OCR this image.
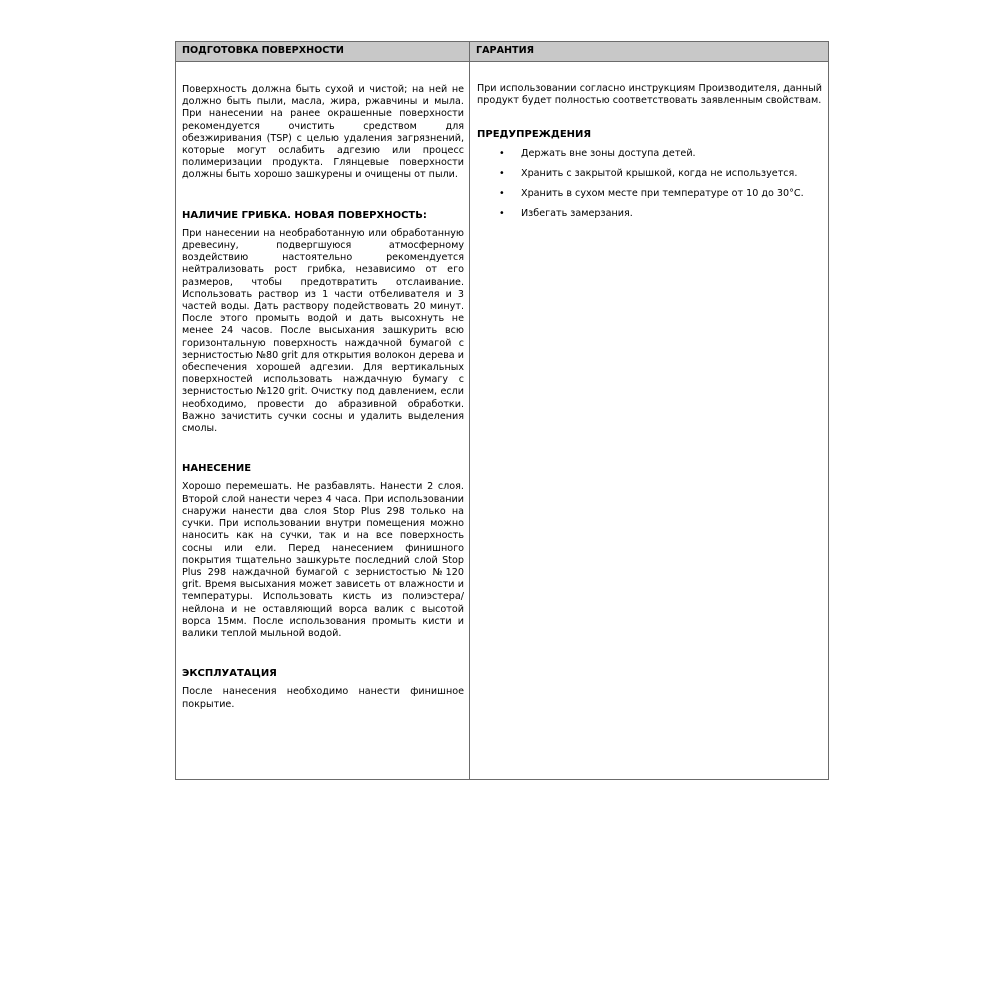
ПОДГОТОВКА ПОВЕРХНОСТИ	ГАРАНТИЯ

Поверхность должна быть сухой и чистой; на ней не должно быть пыли, масла, жира, ржавчины и мыла. При нанесении на ранее окрашенные поверхности рекомендуется очистить средством для обезжиривания (TSP) с целью удаления загрязнений, которые могут ослабить адгезию или процесс полимеризации продукта. Глянцевые поверхности должны быть хорошо зашкурены и очищены от пыли.

НАЛИЧИЕ ГРИБКА. НОВАЯ ПОВЕРХНОСТЬ:

При нанесении на необработанную или обработанную древесину, подвергшуюся атмосферному воздействию настоятельно рекомендуется нейтрализовать рост грибка, независимо от его размеров, чтобы предотвратить отслаивание. Использовать раствор из 1 части отбеливателя и 3 частей воды. Дать раствору подействовать 20 минут. После этого промыть водой и дать высохнуть не менее 24 часов. После высыхания зашкурить всю горизонтальную поверхность наждачной бумагой с зернистостью №80 grit для открытия волокон дерева и обеспечения хорошей адгезии. Для вертикальных поверхностей использовать наждачную бумагу с зернистостью №120 grit. Очистку под давлением, если необходимо, провести до абразивной обработки. Важно зачистить сучки сосны и удалить выделения смолы.

НАНЕСЕНИЕ

Хорошо перемешать. Не разбавлять. Нанести 2 слоя. Второй слой нанести через 4 часа. При использовании снаружи нанести два слоя Stop Plus 298 только на сучки. При использовании внутри помещения можно наносить как на сучки, так и на все поверхность сосны или ели. Перед нанесением финишного покрытия тщательно зашкурьте последний слой Stop Plus 298 наждачной бумагой с зернистостью №120 grit. Время высыхания может зависеть от влажности и температуры. Использовать кисть из полиэстера/ нейлона и не оставляющий ворса валик с высотой ворса 15мм. После использования промыть кисти и валики теплой мыльной водой.

ЭКСПЛУАТАЦИЯ

После нанесения необходимо нанести финишное покрытие.

При использовании согласно инструкциям Производителя, данный продукт будет полностью соответствовать заявленным свойствам.

ПРЕДУПРЕЖДЕНИЯ
• Держать вне зоны доступа детей.
• Хранить с закрытой крышкой, когда не используется.
• Хранить в сухом месте при температуре от 10 до 30°C.
• Избегать замерзания.
